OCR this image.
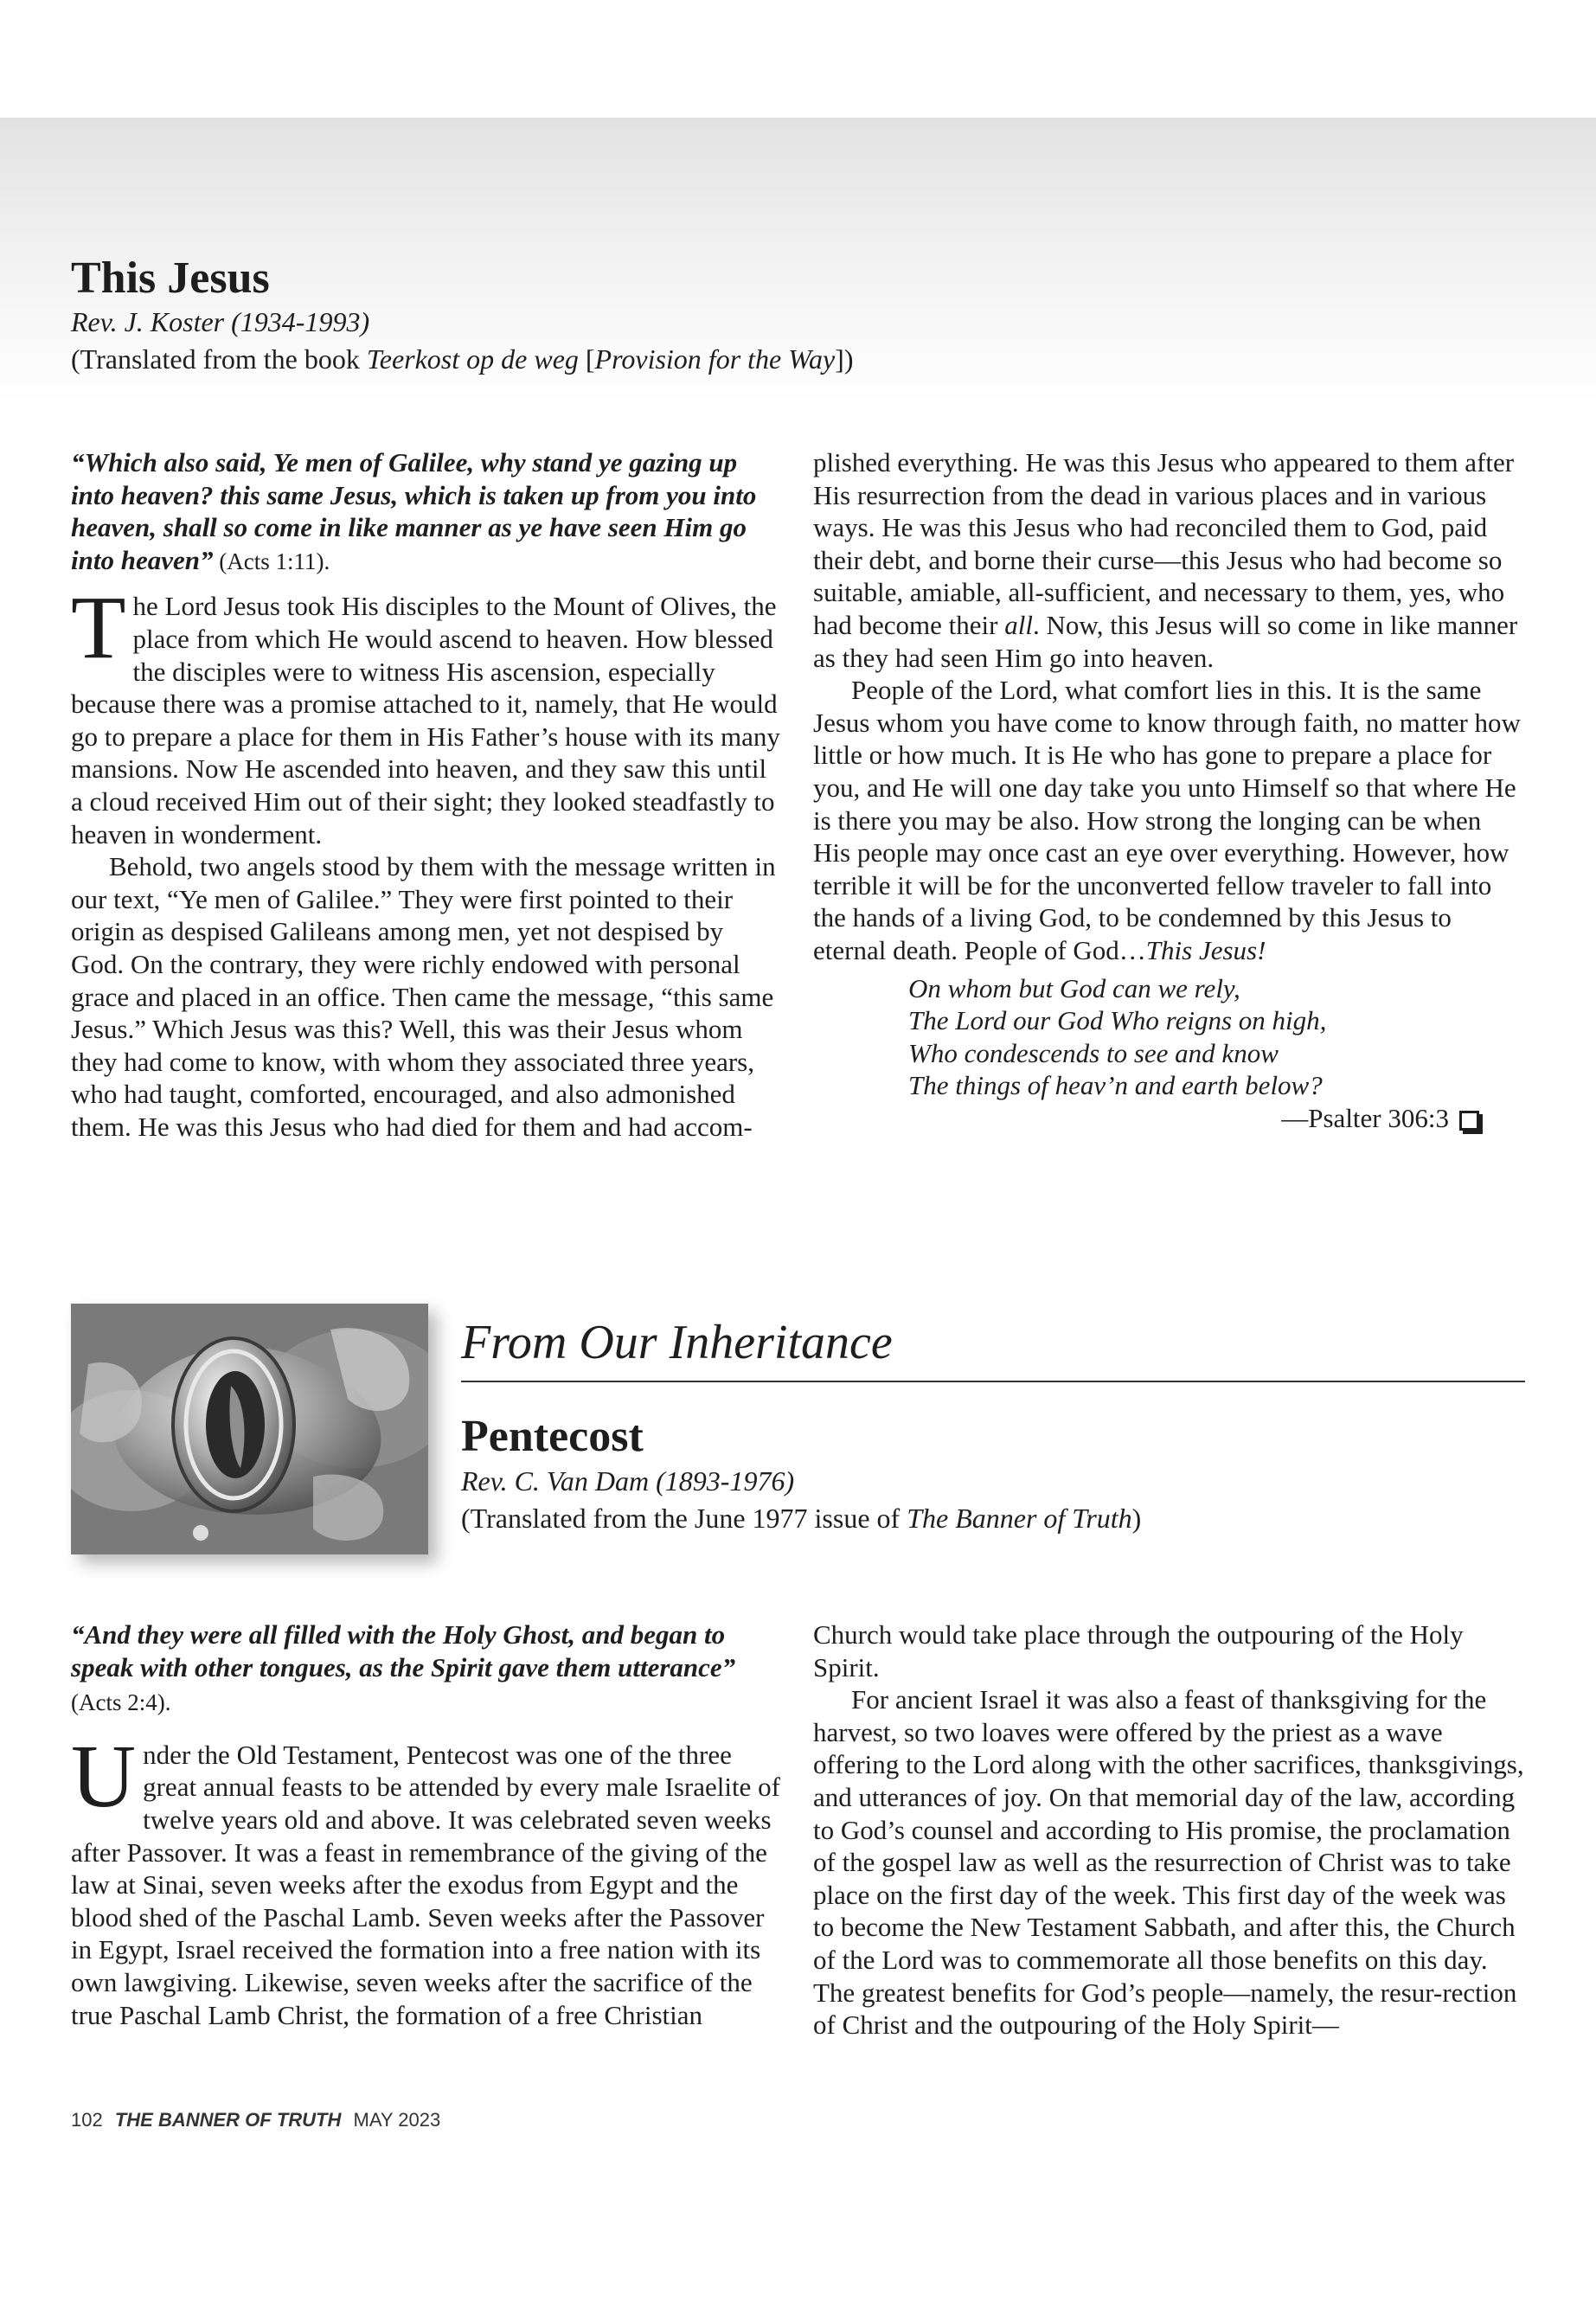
This Jesus
Rev. J. Koster (1934-1993)
(Translated from the book Teerkost op de weg [Provision for the Way])

“Which also said, Ye men of Galilee, why stand ye gazing up into heaven? this same Jesus, which is taken up from you into heaven, shall so come in like manner as ye have seen Him go into heaven” (Acts 1:11).

The Lord Jesus took His disciples to the Mount of Olives, the place from which He would ascend to heaven. How blessed the disciples were to witness His ascension, especially because there was a promise attached to it, namely, that He would go to prepare a place for them in His Father’s house with its many mansions. Now He ascended into heaven, and they saw this until a cloud received Him out of their sight; they looked steadfastly to heaven in wonderment.

Behold, two angels stood by them with the message written in our text, “Ye men of Galilee.” They were first pointed to their origin as despised Galileans among men, yet not despised by God. On the contrary, they were richly endowed with personal grace and placed in an office. Then came the message, “this same Jesus.” Which Jesus was this? Well, this was their Jesus whom they had come to know, with whom they associated three years, who had taught, comforted, encouraged, and also admonished them. He was this Jesus who had died for them and had accom-

plished everything. He was this Jesus who appeared to them after His resurrection from the dead in various places and in various ways. He was this Jesus who had reconciled them to God, paid their debt, and borne their curse—this Jesus who had become so suitable, amiable, all-sufficient, and necessary to them, yes, who had become their all. Now, this Jesus will so come in like manner as they had seen Him go into heaven.

People of the Lord, what comfort lies in this. It is the same Jesus whom you have come to know through faith, no matter how little or how much. It is He who has gone to prepare a place for you, and He will one day take you unto Himself so that where He is there you may be also. How strong the longing can be when His people may once cast an eye over everything. However, how terrible it will be for the unconverted fellow traveler to fall into the hands of a living God, to be condemned by this Jesus to eternal death. People of God…This Jesus!

On whom but God can we rely,
The Lord our God Who reigns on high,
Who condescends to see and know
The things of heav’n and earth below?
—Psalter 306:3
From Our Inheritance
Pentecost
Rev. C. Van Dam (1893-1976)
(Translated from the June 1977 issue of The Banner of Truth)

“And they were all filled with the Holy Ghost, and began to speak with other tongues, as the Spirit gave them utterance” (Acts 2:4).

Under the Old Testament, Pentecost was one of the three great annual feasts to be attended by every male Israelite of twelve years old and above. It was celebrated seven weeks after Passover. It was a feast in remembrance of the giving of the law at Sinai, seven weeks after the exodus from Egypt and the blood shed of the Paschal Lamb. Seven weeks after the Passover in Egypt, Israel received the formation into a free nation with its own lawgiving. Likewise, seven weeks after the sacrifice of the true Paschal Lamb Christ, the formation of a free Christian

Church would take place through the outpouring of the Holy Spirit.

For ancient Israel it was also a feast of thanksgiving for the harvest, so two loaves were offered by the priest as a wave offering to the Lord along with the other sacrifices, thanksgivings, and utterances of joy. On that memorial day of the law, according to God’s counsel and according to His promise, the proclamation of the gospel law as well as the resurrection of Christ was to take place on the first day of the week. This first day of the week was to become the New Testament Sabbath, and after this, the Church of the Lord was to commemorate all those benefits on this day. The greatest benefits for God’s people—namely, the resur-rection of Christ and the outpouring of the Holy Spirit—

102 THE BANNER OF TRUTH MAY 2023
